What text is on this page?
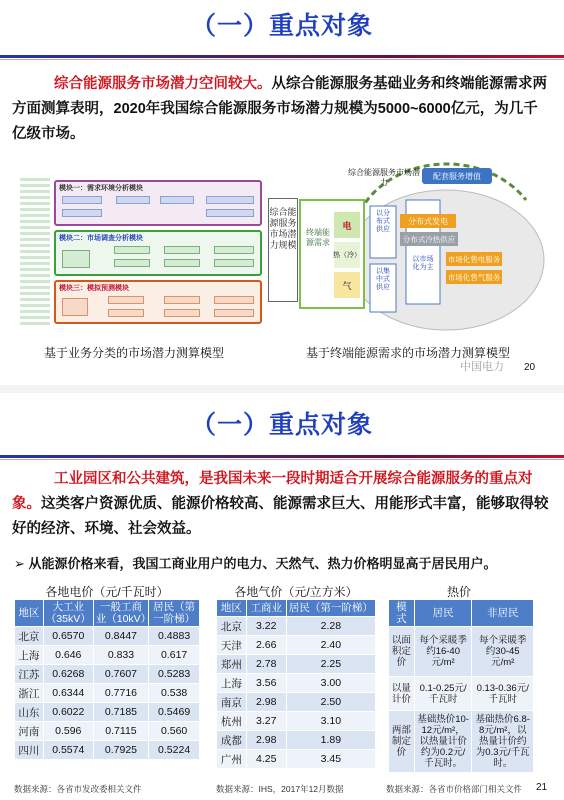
（一）重点对象
综合能源服务市场潜力空间较大。从综合能源服务基础业务和终端能源需求两方面测算表明，2020年我国综合能源服务市场潜力规模为5000~6000亿元，为几千亿级市场。
模块一：需求环境分析模块
模块二：市场调查分析模块
模块三：模拟预测模块
综合能源服务市场潜力规模
综合能源服务市场潜力
终端能源需求
电
热（冷）
气
以分布式供应
以集中式供应
以市场化为主
配套服务增值
分布式发电
分布式冷热供应
市场化售电服务
市场化售气服务
基于业务分类的市场潜力测算模型	基于终端能源需求的市场潜力测算模型
中国电力 20
（一）重点对象
工业园区和公共建筑，是我国未来一段时期适合开展综合能源服务的重点对象。这类客户资源优质、能源价格较高、能源需求巨大、用能形式丰富，能够取得较好的经济、环境、社会效益。
➢ 从能源价格来看，我国工商业用户的电力、天然气、热力价格明显高于居民用户。
各地电价（元/千瓦时）
地区	大工业（35kV）	一般工商业（10kV）	居民（第一阶梯）
北京	0.6570	0.8447	0.4883
上海	0.646	0.833	0.617
江苏	0.6268	0.7607	0.5283
浙江	0.6344	0.7716	0.538
山东	0.6022	0.7185	0.5469
河南	0.596	0.7115	0.560
四川	0.5574	0.7925	0.5224
数据来源：各省市发改委相关文件
各地气价（元/立方米）
地区	工商业	居民（第一阶梯）
北京	3.22	2.28
天津	2.66	2.40
郑州	2.78	2.25
上海	3.56	3.00
南京	2.98	2.50
杭州	3.27	3.10
成都	2.98	1.89
广州	4.25	3.45
数据来源：IHS，2017年12月数据
热价
模式	居民	非居民
以面积定价	每个采暖季约16-40元/m²	每个采暖季约30-45元/m²
以量计价	0.1-0.25元/千瓦时	0.13-0.36元/千瓦时
两部制定价	基础热价10-12元/m²，以热量计价约为0.2元/千瓦时。	基础热价6.8-8元/m²，以热量计价约为0.3元/千瓦时。
数据来源：各省市价格部门相关文件 21
